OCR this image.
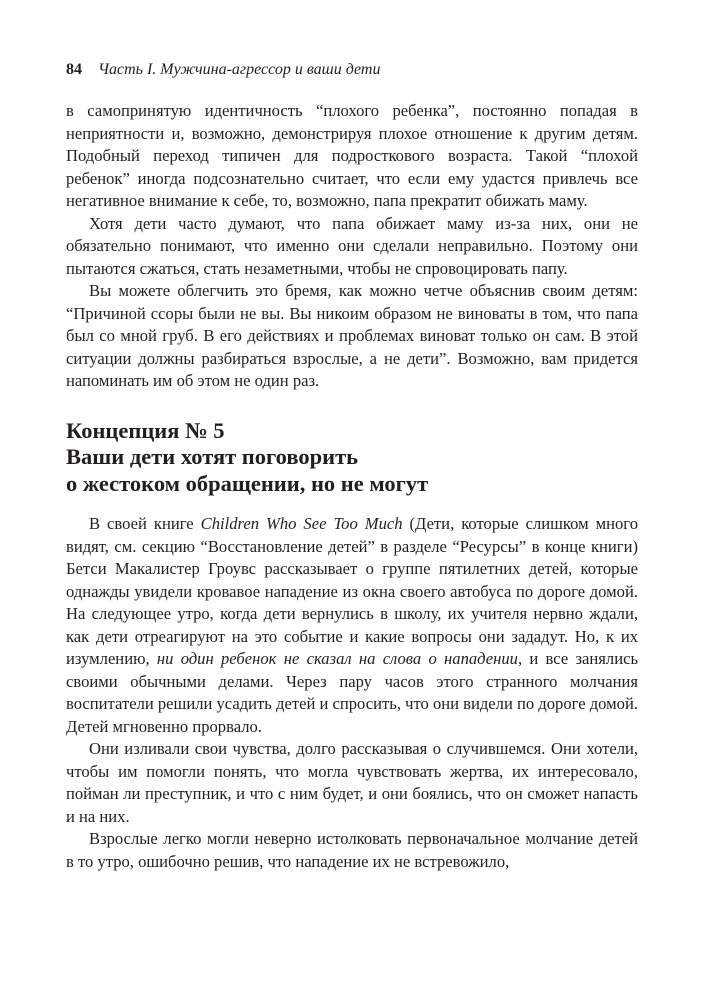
84 Часть I. Мужчина-агрессор и ваши дети

в самопринятую идентичность “плохого ребенка”, постоянно попадая в неприятности и, возможно, демонстрируя плохое отношение к другим детям. Подобный переход типичен для подросткового возраста. Такой “плохой ребенок” иногда подсознательно считает, что если ему удастся привлечь все негативное внимание к себе, то, возможно, папа прекратит обижать маму.

Хотя дети часто думают, что папа обижает маму из-за них, они не обязательно понимают, что именно они сделали неправильно. Поэтому они пытаются сжаться, стать незаметными, чтобы не спровоцировать папу.

Вы можете облегчить это бремя, как можно четче объяснив своим детям: “Причиной ссоры были не вы. Вы никоим образом не виноваты в том, что папа был со мной груб. В его действиях и проблемах виноват только он сам. В этой ситуации должны разбираться взрослые, а не дети”. Возможно, вам придется напоминать им об этом не один раз.

Концепция № 5
Ваши дети хотят поговорить
о жестоком обращении, но не могут

В своей книге Children Who See Too Much (Дети, которые слишком много видят, см. секцию “Восстановление детей” в разделе “Ресурсы” в конце книги) Бетси Макалистер Гроувс рассказывает о группе пятилетних детей, которые однажды увидели кровавое нападение из окна своего автобуса по дороге домой. На следующее утро, когда дети вернулись в школу, их учителя нервно ждали, как дети отреагируют на это событие и какие вопросы они зададут. Но, к их изумлению, ни один ребенок не сказал на слова о нападении, и все занялись своими обычными делами. Через пару часов этого странного молчания воспитатели решили усадить детей и спросить, что они видели по дороге домой. Детей мгновенно прорвало.

Они изливали свои чувства, долго рассказывая о случившемся. Они хотели, чтобы им помогли понять, что могла чувствовать жертва, их интересовало, пойман ли преступник, и что с ним будет, и они боялись, что он сможет напасть и на них.

Взрослые легко могли неверно истолковать первоначальное молчание детей в то утро, ошибочно решив, что нападение их не встревожило,
